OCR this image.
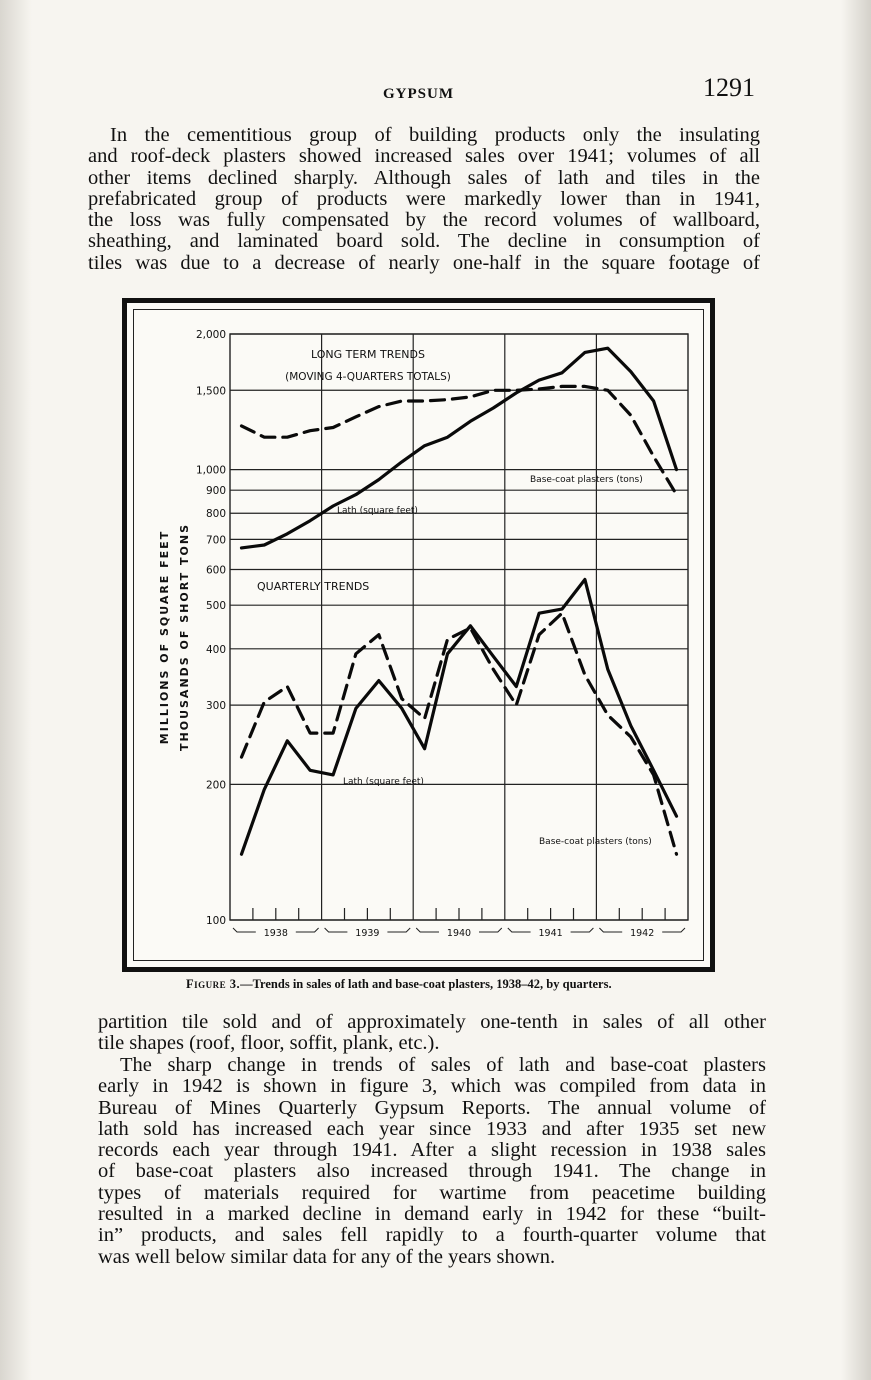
GYPSUM	1291
In the cementitious group of building products only the insulating
and roof-deck plasters showed increased sales over 1941; volumes of all
other items declined sharply. Although sales of lath and tiles in the
prefabricated group of products were markedly lower than in 1941,
the loss was fully compensated by the record volumes of wallboard,
sheathing, and laminated board sold. The decline in consumption of
tiles was due to a decrease of nearly one-half in the square footage of
100
200
300
400
500
600
700
800
900
1,000
1,500
2,000
1938	1939	1940	1941	1942
MILLIONS OF SQUARE FEET THOUSANDS OF SHORT TONS
LONG TERM TRENDS
(MOVING 4-QUARTERS TOTALS)
QUARTERLY TRENDS
Lath (square feet)
Base-coat plasters (tons)
Lath (square feet)
Base-coat plasters (tons)
Figure 3.—Trends in sales of lath and base-coat plasters, 1938–42, by quarters.
partition tile sold and of approximately one-tenth in sales of all other
tile shapes (roof, floor, soffit, plank, etc.).
The sharp change in trends of sales of lath and base-coat plasters
early in 1942 is shown in figure 3, which was compiled from data in
Bureau of Mines Quarterly Gypsum Reports. The annual volume of
lath sold has increased each year since 1933 and after 1935 set new
records each year through 1941. After a slight recession in 1938 sales
of base-coat plasters also increased through 1941. The change in
types of materials required for wartime from peacetime building
resulted in a marked decline in demand early in 1942 for these “built-
in” products, and sales fell rapidly to a fourth-quarter volume that
was well below similar data for any of the years shown.
